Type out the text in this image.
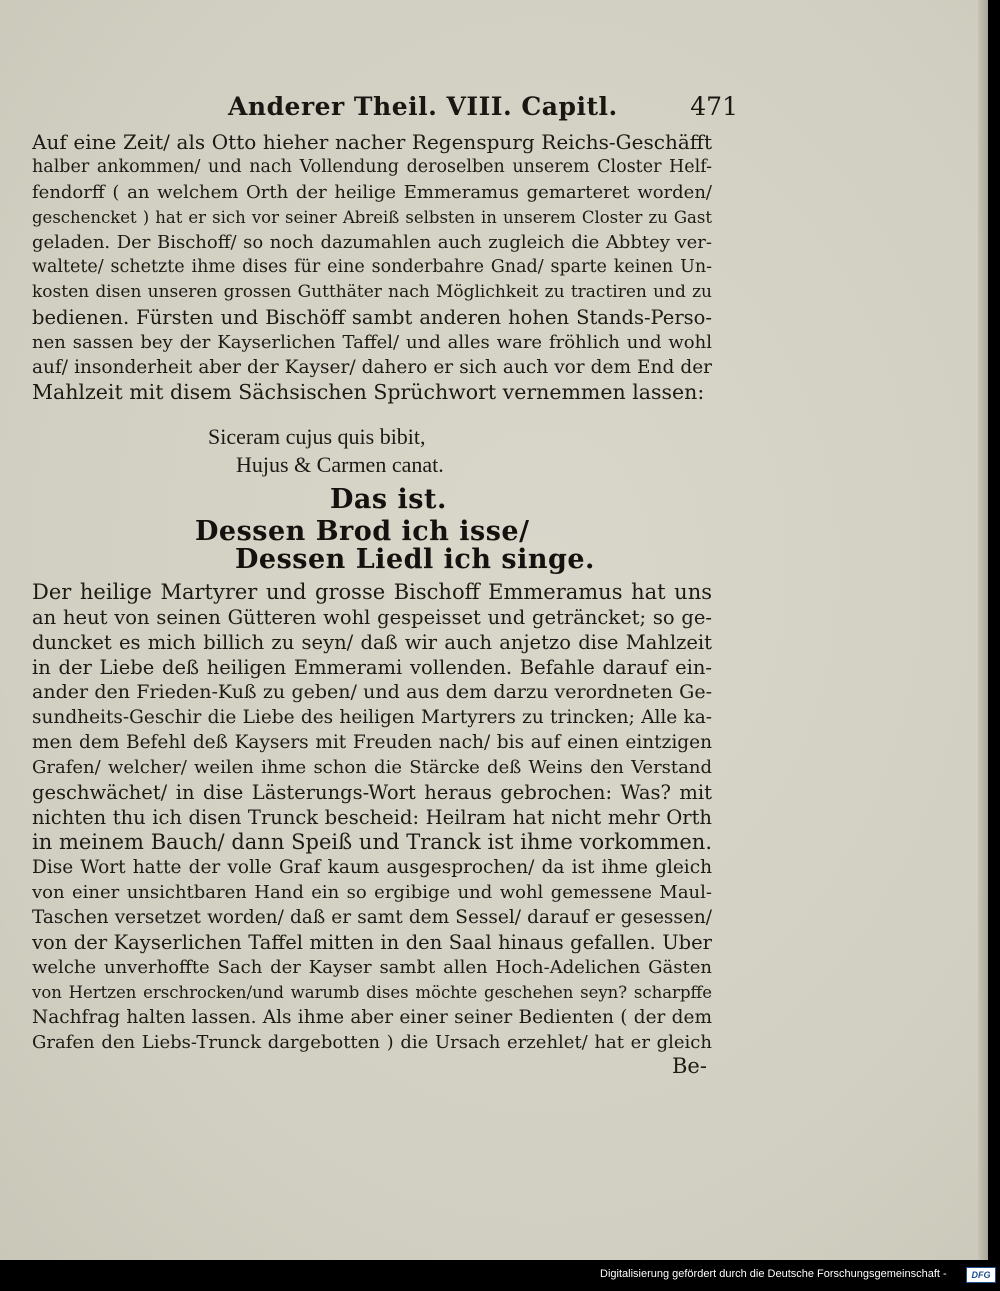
Anderer Theil. VIII. Capitl.	471
Auf eine Zeit/ als Otto hieher nacher Regenspurg Reichs-Geschäfft
halber ankommen/ und nach Vollendung deroselben unserem Closter Helf-
fendorff ( an welchem Orth der heilige Emmeramus gemarteret worden/
geschencket ) hat er sich vor seiner Abreiß selbsten in unserem Closter zu Gast
geladen. Der Bischoff/ so noch dazumahlen auch zugleich die Abbtey ver-
waltete/ schetzte ihme dises für eine sonderbahre Gnad/ sparte keinen Un-
kosten disen unseren grossen Gutthäter nach Möglichkeit zu tractiren und zu
bedienen. Fürsten und Bischöff sambt anderen hohen Stands-Perso-
nen sassen bey der Kayserlichen Taffel/ und alles ware fröhlich und wohl
auf/ insonderheit aber der Kayser/ dahero er sich auch vor dem End der
Mahlzeit mit disem Sächsischen Sprüchwort vernemmen lassen:
Siceram cujus quis bibit,
Hujus & Carmen canat.
Das ist.
Dessen Brod ich isse/
Dessen Liedl ich singe.
Der heilige Martyrer und grosse Bischoff Emmeramus hat uns
an heut von seinen Gütteren wohl gespeisset und geträncket; so ge-
duncket es mich billich zu seyn/ daß wir auch anjetzo dise Mahlzeit
in der Liebe deß heiligen Emmerami vollenden. Befahle darauf ein-
ander den Frieden-Kuß zu geben/ und aus dem darzu verordneten Ge-
sundheits-Geschir die Liebe des heiligen Martyrers zu trincken; Alle ka-
men dem Befehl deß Kaysers mit Freuden nach/ bis auf einen eintzigen
Grafen/ welcher/ weilen ihme schon die Stärcke deß Weins den Verstand
geschwächet/ in dise Lästerungs-Wort heraus gebrochen: Was? mit
nichten thu ich disen Trunck bescheid: Heilram hat nicht mehr Orth
in meinem Bauch/ dann Speiß und Tranck ist ihme vorkommen.
Dise Wort hatte der volle Graf kaum ausgesprochen/ da ist ihme gleich
von einer unsichtbaren Hand ein so ergibige und wohl gemessene Maul-
Taschen versetzet worden/ daß er samt dem Sessel/ darauf er gesessen/
von der Kayserlichen Taffel mitten in den Saal hinaus gefallen. Uber
welche unverhoffte Sach der Kayser sambt allen Hoch-Adelichen Gästen
von Hertzen erschrocken/und warumb dises möchte geschehen seyn? scharpffe
Nachfrag halten lassen. Als ihme aber einer seiner Bedienten ( der dem
Grafen den Liebs-Trunck dargebotten ) die Ursach erzehlet/ hat er gleich
Be-
Digitalisierung gefördert durch die Deutsche Forschungsgemeinschaft -	DFG
